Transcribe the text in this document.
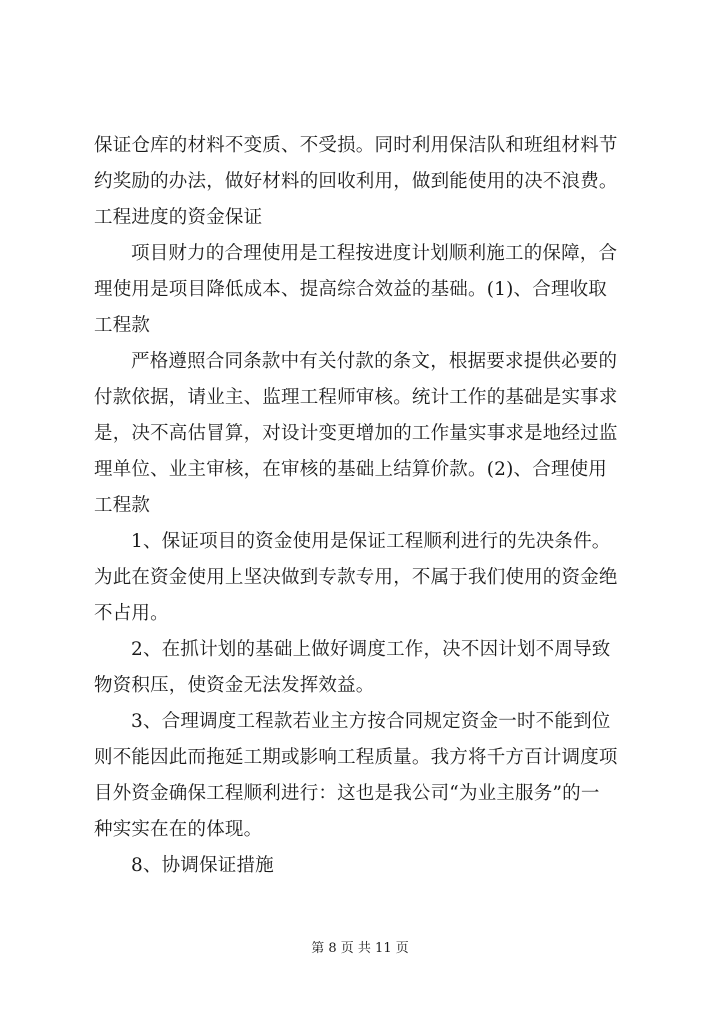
保证仓库的材料不变质、不受损。同时利用保洁队和班组材料节
约奖励的办法，做好材料的回收利用，做到能使用的决不浪费。
工程进度的资金保证
项目财力的合理使用是工程按进度计划顺利施工的保障，合
理使用是项目降低成本、提高综合效益的基础。(1)、合理收取
工程款
严格遵照合同条款中有关付款的条文，根据要求提供必要的
付款依据，请业主、监理工程师审核。统计工作的基础是实事求
是，决不高估冒算，对设计变更增加的工作量实事求是地经过监
理单位、业主审核，在审核的基础上结算价款。(2)、合理使用
工程款
1、保证项目的资金使用是保证工程顺利进行的先决条件。
为此在资金使用上坚决做到专款专用，不属于我们使用的资金绝
不占用。
2、在抓计划的基础上做好调度工作，决不因计划不周导致
物资积压，使资金无法发挥效益。
3、合理调度工程款若业主方按合同规定资金一时不能到位
则不能因此而拖延工期或影响工程质量。我方将千方百计调度项
目外资金确保工程顺利进行：这也是我公司“为业主服务”的一
种实实在在的体现。
8、协调保证措施
第 8 页 共 11 页
